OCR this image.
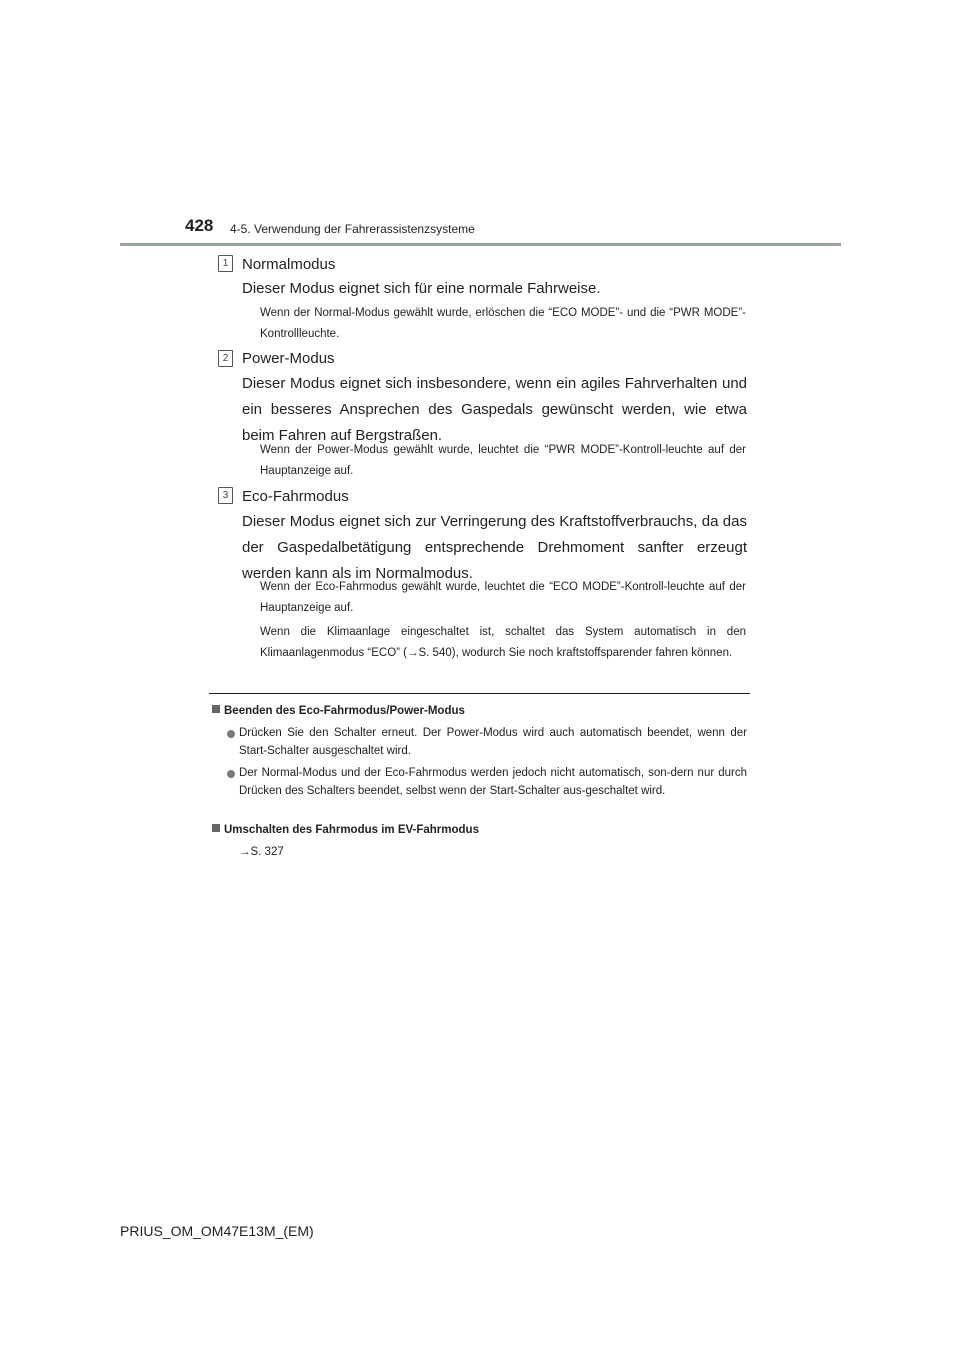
428 4-5. Verwendung der Fahrerassistenzsysteme
1 Normalmodus
Dieser Modus eignet sich für eine normale Fahrweise.
Wenn der Normal-Modus gewählt wurde, erlöschen die “ECO MODE”- und die “PWR MODE”-Kontrollleuchte.
2 Power-Modus
Dieser Modus eignet sich insbesondere, wenn ein agiles Fahrverhalten und ein besseres Ansprechen des Gaspedals gewünscht werden, wie etwa beim Fahren auf Bergstraßen.
Wenn der Power-Modus gewählt wurde, leuchtet die “PWR MODE”-Kontroll-leuchte auf der Hauptanzeige auf.
3 Eco-Fahrmodus
Dieser Modus eignet sich zur Verringerung des Kraftstoffverbrauchs, da das der Gaspedalbetätigung entsprechende Drehmoment sanfter erzeugt werden kann als im Normalmodus.
Wenn der Eco-Fahrmodus gewählt wurde, leuchtet die “ECO MODE”-Kontroll-leuchte auf der Hauptanzeige auf.
Wenn die Klimaanlage eingeschaltet ist, schaltet das System automatisch in den Klimaanlagenmodus “ECO” (→S. 540), wodurch Sie noch kraftstoffsparender fahren können.
Beenden des Eco-Fahrmodus/Power-Modus
Drücken Sie den Schalter erneut. Der Power-Modus wird auch automatisch beendet, wenn der Start-Schalter ausgeschaltet wird.
Der Normal-Modus und der Eco-Fahrmodus werden jedoch nicht automatisch, son-dern nur durch Drücken des Schalters beendet, selbst wenn der Start-Schalter aus-geschaltet wird.
Umschalten des Fahrmodus im EV-Fahrmodus
→S. 327
PRIUS_OM_OM47E13M_(EM)
